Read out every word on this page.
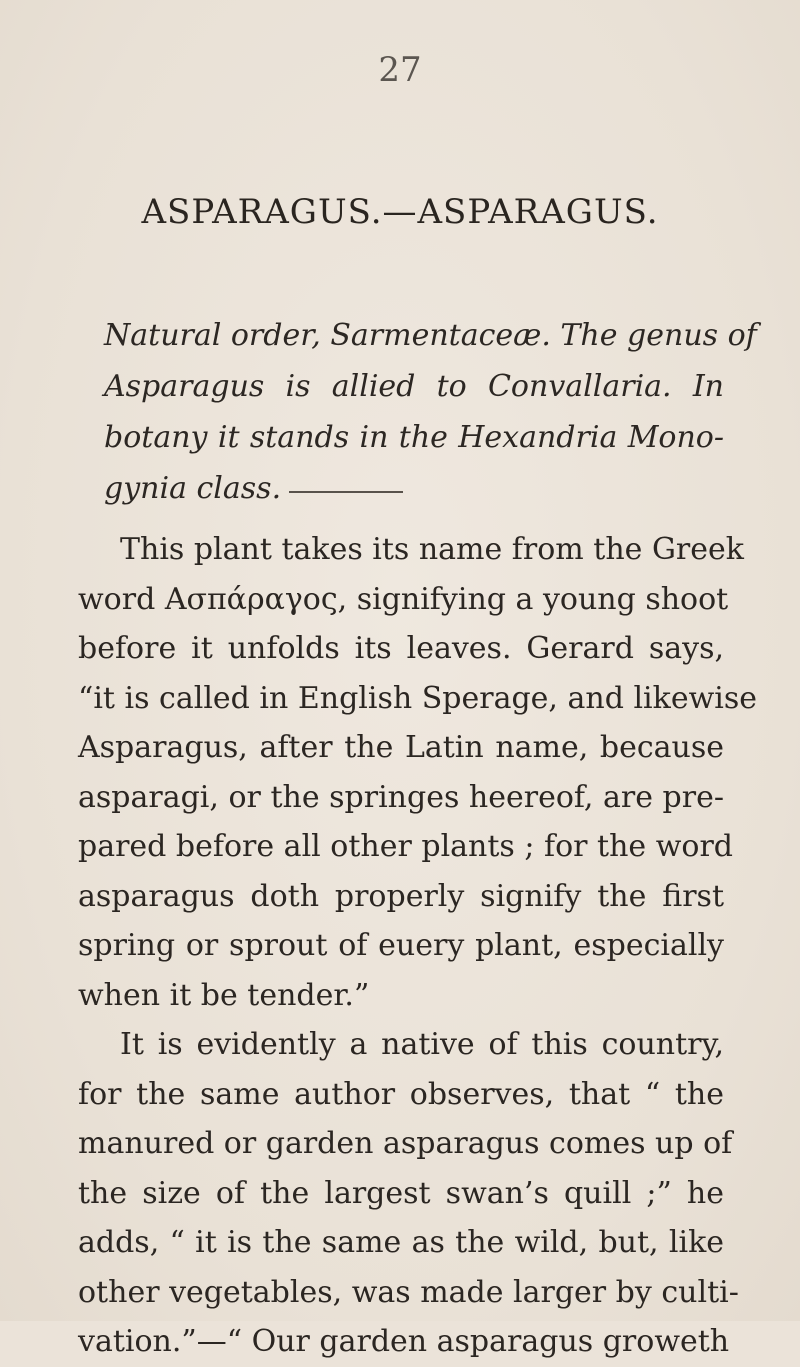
27
ASPARAGUS.—ASPARAGUS.
Natural order, Sarmentaceæ. The genus of
Asparagus is allied to Convallaria. In
botany it stands in the Hexandria Mono-
gynia class.
This plant takes its name from the Greek
word Ασπάραγος, signifying a young shoot
before it unfolds its leaves. Gerard says,
“it is called in English Sperage, and likewise
Asparagus, after the Latin name, because
asparagi, or the springes heereof, are pre-
pared before all other plants ; for the word
asparagus doth properly signify the first
spring or sprout of euery plant, especially
when it be tender.”
It is evidently a native of this country,
for the same author observes, that “ the
manured or garden asparagus comes up of
the size of the largest swan’s quill ;” he
adds, “ it is the same as the wild, but, like
other vegetables, was made larger by culti-
vation.”—“ Our garden asparagus groweth
